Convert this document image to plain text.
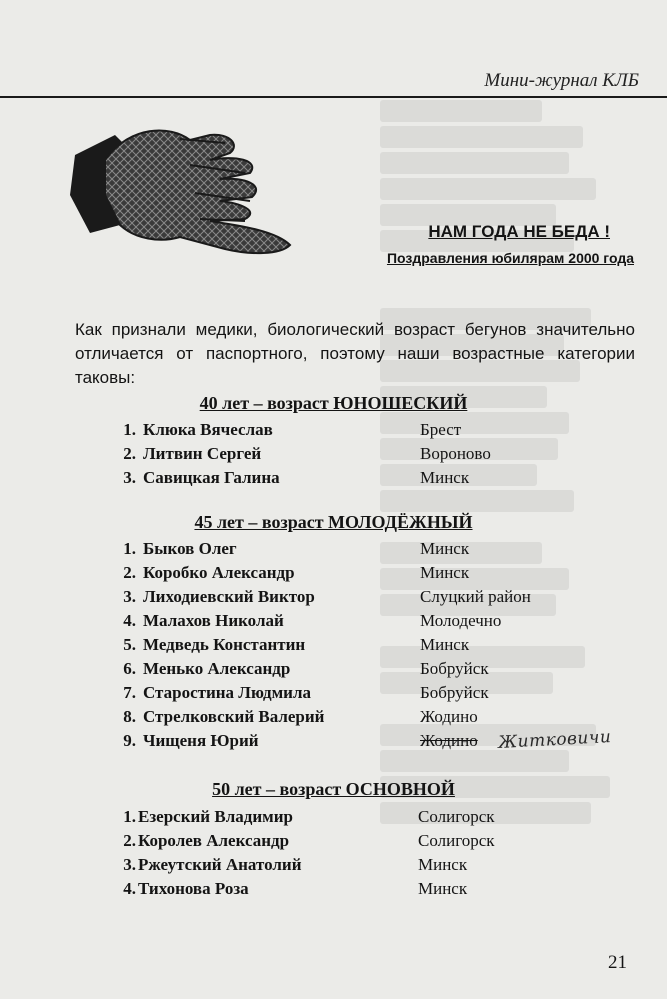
Мини-журнал КЛБ
НАМ ГОДА НЕ БЕДА !
Поздравления юбилярам 2000 года

Как признали медики, биологический возраст бегунов значительно отличается от паспортного, поэтому наши возрастные категории таковы:

40 лет – возраст ЮНОШЕСКИЙ
1. Клюка Вячеслав	Брест
2. Литвин Сергей	Вороново
3. Савицкая Галина	Минск
45 лет – возраст МОЛОДЁЖНЫЙ
1. Быков Олег	Минск
2. Коробко Александр	Минск
3. Лиходиевский Виктор	Слуцкий район
4. Малахов Николай	Молодечно
5. Медведь Константин	Минск
6. Менько Александр	Бобруйск
7. Старостина Людмила	Бобруйск
8. Стрелковский Валерий	Жодино
9. Чищеня Юрий	Жодино Житковичи
50 лет – возраст ОСНОВНОЙ
1. Езерский Владимир	Солигорск
2. Королев Александр	Солигорск
3. Ржеутский Анатолий	Минск
4. Тихонова Роза	Минск
21
